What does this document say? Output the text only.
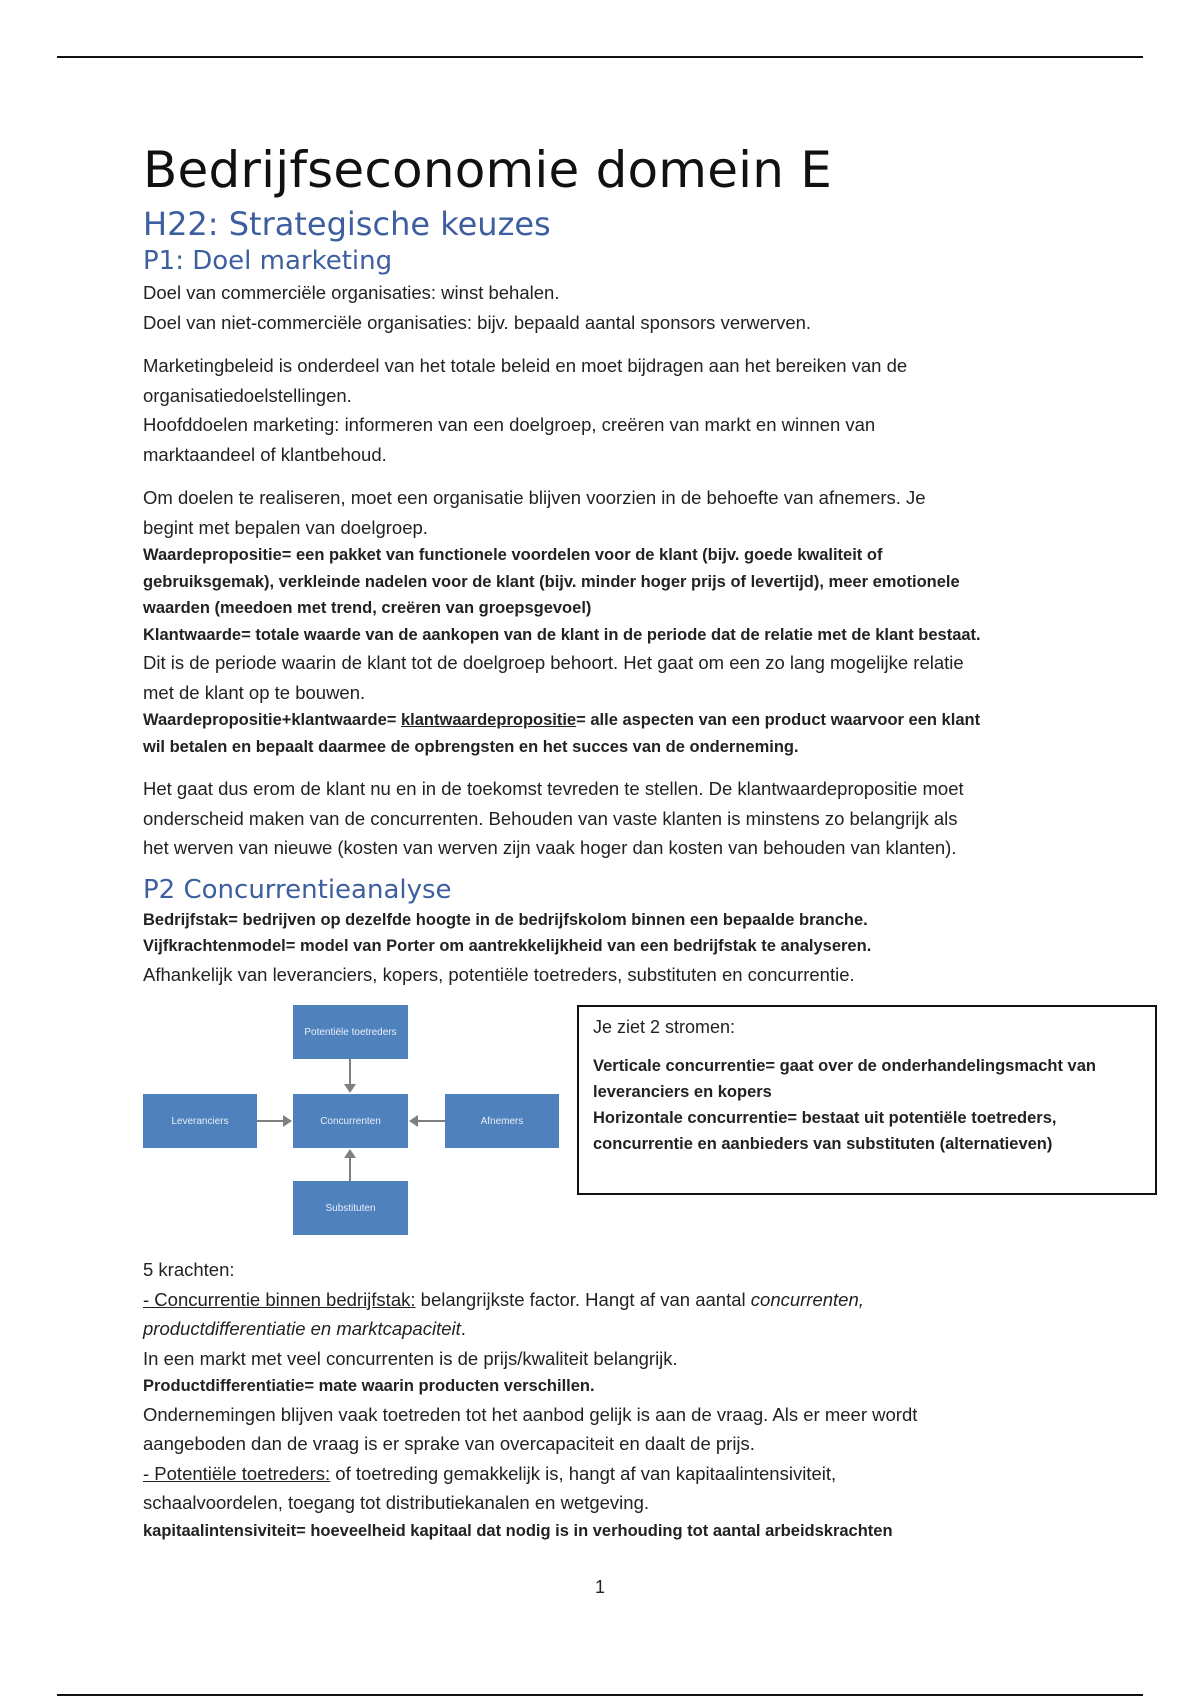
Bedrijfseconomie domein E
H22: Strategische keuzes
P1: Doel marketing

Doel van commerciële organisaties: winst behalen.

Doel van niet-commerciële organisaties: bijv. bepaald aantal sponsors verwerven.

Marketingbeleid is onderdeel van het totale beleid en moet bijdragen aan het bereiken van de

organisatiedoelstellingen.

Hoofddoelen marketing: informeren van een doelgroep, creëren van markt en winnen van

marktaandeel of klantbehoud.

Om doelen te realiseren, moet een organisatie blijven voorzien in de behoefte van afnemers. Je

begint met bepalen van doelgroep.

Waardepropositie= een pakket van functionele voordelen voor de klant (bijv. goede kwaliteit of

gebruiksgemak), verkleinde nadelen voor de klant (bijv. minder hoger prijs of levertijd), meer emotionele

waarden (meedoen met trend, creëren van groepsgevoel)

Klantwaarde= totale waarde van de aankopen van de klant in de periode dat de relatie met de klant bestaat.

Dit is de periode waarin de klant tot de doelgroep behoort. Het gaat om een zo lang mogelijke relatie

met de klant op te bouwen.

Waardepropositie+klantwaarde= klantwaardepropositie= alle aspecten van een product waarvoor een klant

wil betalen en bepaalt daarmee de opbrengsten en het succes van de onderneming.

Het gaat dus erom de klant nu en in de toekomst tevreden te stellen. De klantwaardepropositie moet

onderscheid maken van de concurrenten. Behouden van vaste klanten is minstens zo belangrijk als

het werven van nieuwe (kosten van werven zijn vaak hoger dan kosten van behouden van klanten).

P2 Concurrentieanalyse

Bedrijfstak= bedrijven op dezelfde hoogte in de bedrijfskolom binnen een bepaalde branche.

Vijfkrachtenmodel= model van Porter om aantrekkelijkheid van een bedrijfstak te analyseren.

Afhankelijk van leveranciers, kopers, potentiële toetreders, substituten en concurrentie.

Potentiële toetreders
Leveranciers	Concurrenten	Afnemers
Substituten

Je ziet 2 stromen:

Verticale concurrentie= gaat over de onderhandelingsmacht van

leveranciers en kopers

Horizontale concurrentie= bestaat uit potentiële toetreders,

concurrentie en aanbieders van substituten (alternatieven)

5 krachten:

- Concurrentie binnen bedrijfstak: belangrijkste factor. Hangt af van aantal concurrenten,

productdifferentiatie en marktcapaciteit.

In een markt met veel concurrenten is de prijs/kwaliteit belangrijk.

Productdifferentiatie= mate waarin producten verschillen.

Ondernemingen blijven vaak toetreden tot het aanbod gelijk is aan de vraag. Als er meer wordt

aangeboden dan de vraag is er sprake van overcapaciteit en daalt de prijs.

- Potentiële toetreders: of toetreding gemakkelijk is, hangt af van kapitaalintensiviteit,

schaalvoordelen, toegang tot distributiekanalen en wetgeving.

kapitaalintensiviteit= hoeveelheid kapitaal dat nodig is in verhouding tot aantal arbeidskrachten

1
